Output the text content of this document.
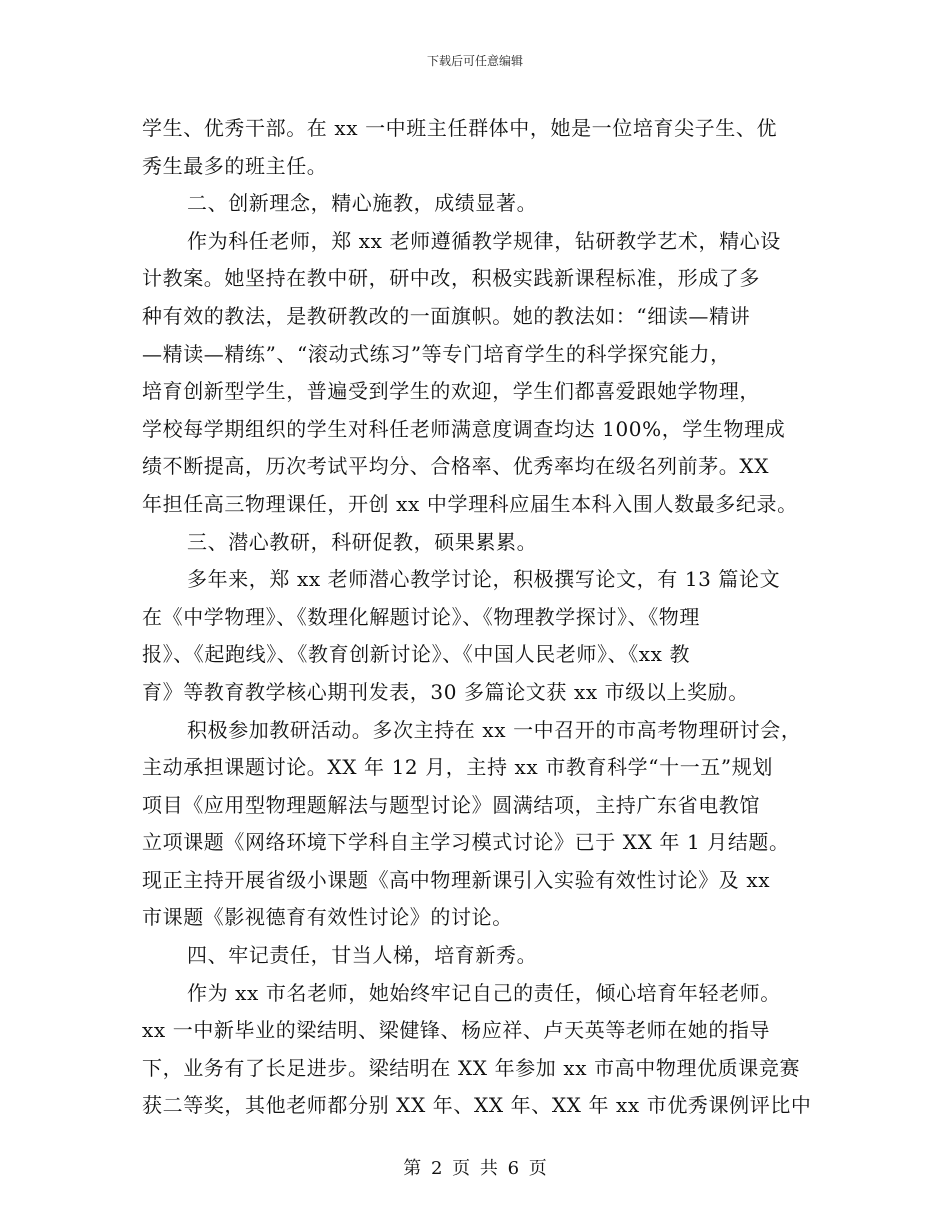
下载后可任意编辑

学生、优秀干部。在 xx 一中班主任群体中，她是一位培育尖子生、优
秀生最多的班主任。

二、创新理念，精心施教，成绩显著。

作为科任老师，郑 xx 老师遵循教学规律，钻研教学艺术，精心设
计教案。她坚持在教中研，研中改，积极实践新课程标准，形成了多
种有效的教法，是教研教改的一面旗帜。她的教法如：“细读—精讲
—精读—精练”、“滚动式练习”等专门培育学生的科学探究能力，
培育创新型学生，普遍受到学生的欢迎，学生们都喜爱跟她学物理，
学校每学期组织的学生对科任老师满意度调查均达 100%，学生物理成
绩不断提高，历次考试平均分、合格率、优秀率均在级名列前茅。XX
年担任高三物理课任，开创 xx 中学理科应届生本科入围人数最多纪录。

三、潜心教研，科研促教，硕果累累。

多年来，郑 xx 老师潜心教学讨论，积极撰写论文，有 13 篇论文
在《中学物理》、《数理化解题讨论》、《物理教学探讨》、《物理
报》、《起跑线》、《教育创新讨论》、《中国人民老师》、《xx 教
育》等教育教学核心期刊发表，30 多篇论文获 xx 市级以上奖励。

积极参加教研活动。多次主持在 xx 一中召开的市高考物理研讨会，
主动承担课题讨论。XX 年 12 月，主持 xx 市教育科学“十一五”规划
项目《应用型物理题解法与题型讨论》圆满结项，主持广东省电教馆
立项课题《网络环境下学科自主学习模式讨论》已于 XX 年 1 月结题。
现正主持开展省级小课题《高中物理新课引入实验有效性讨论》及 xx
市课题《影视德育有效性讨论》的讨论。

四、牢记责任，甘当人梯，培育新秀。

作为 xx 市名老师，她始终牢记自己的责任，倾心培育年轻老师。
xx 一中新毕业的梁结明、梁健锋、杨应祥、卢天英等老师在她的指导
下，业务有了长足进步。梁结明在 XX 年参加 xx 市高中物理优质课竞赛
获二等奖，其他老师都分别 XX 年、XX 年、XX 年 xx 市优秀课例评比中

第 2 页 共 6 页
